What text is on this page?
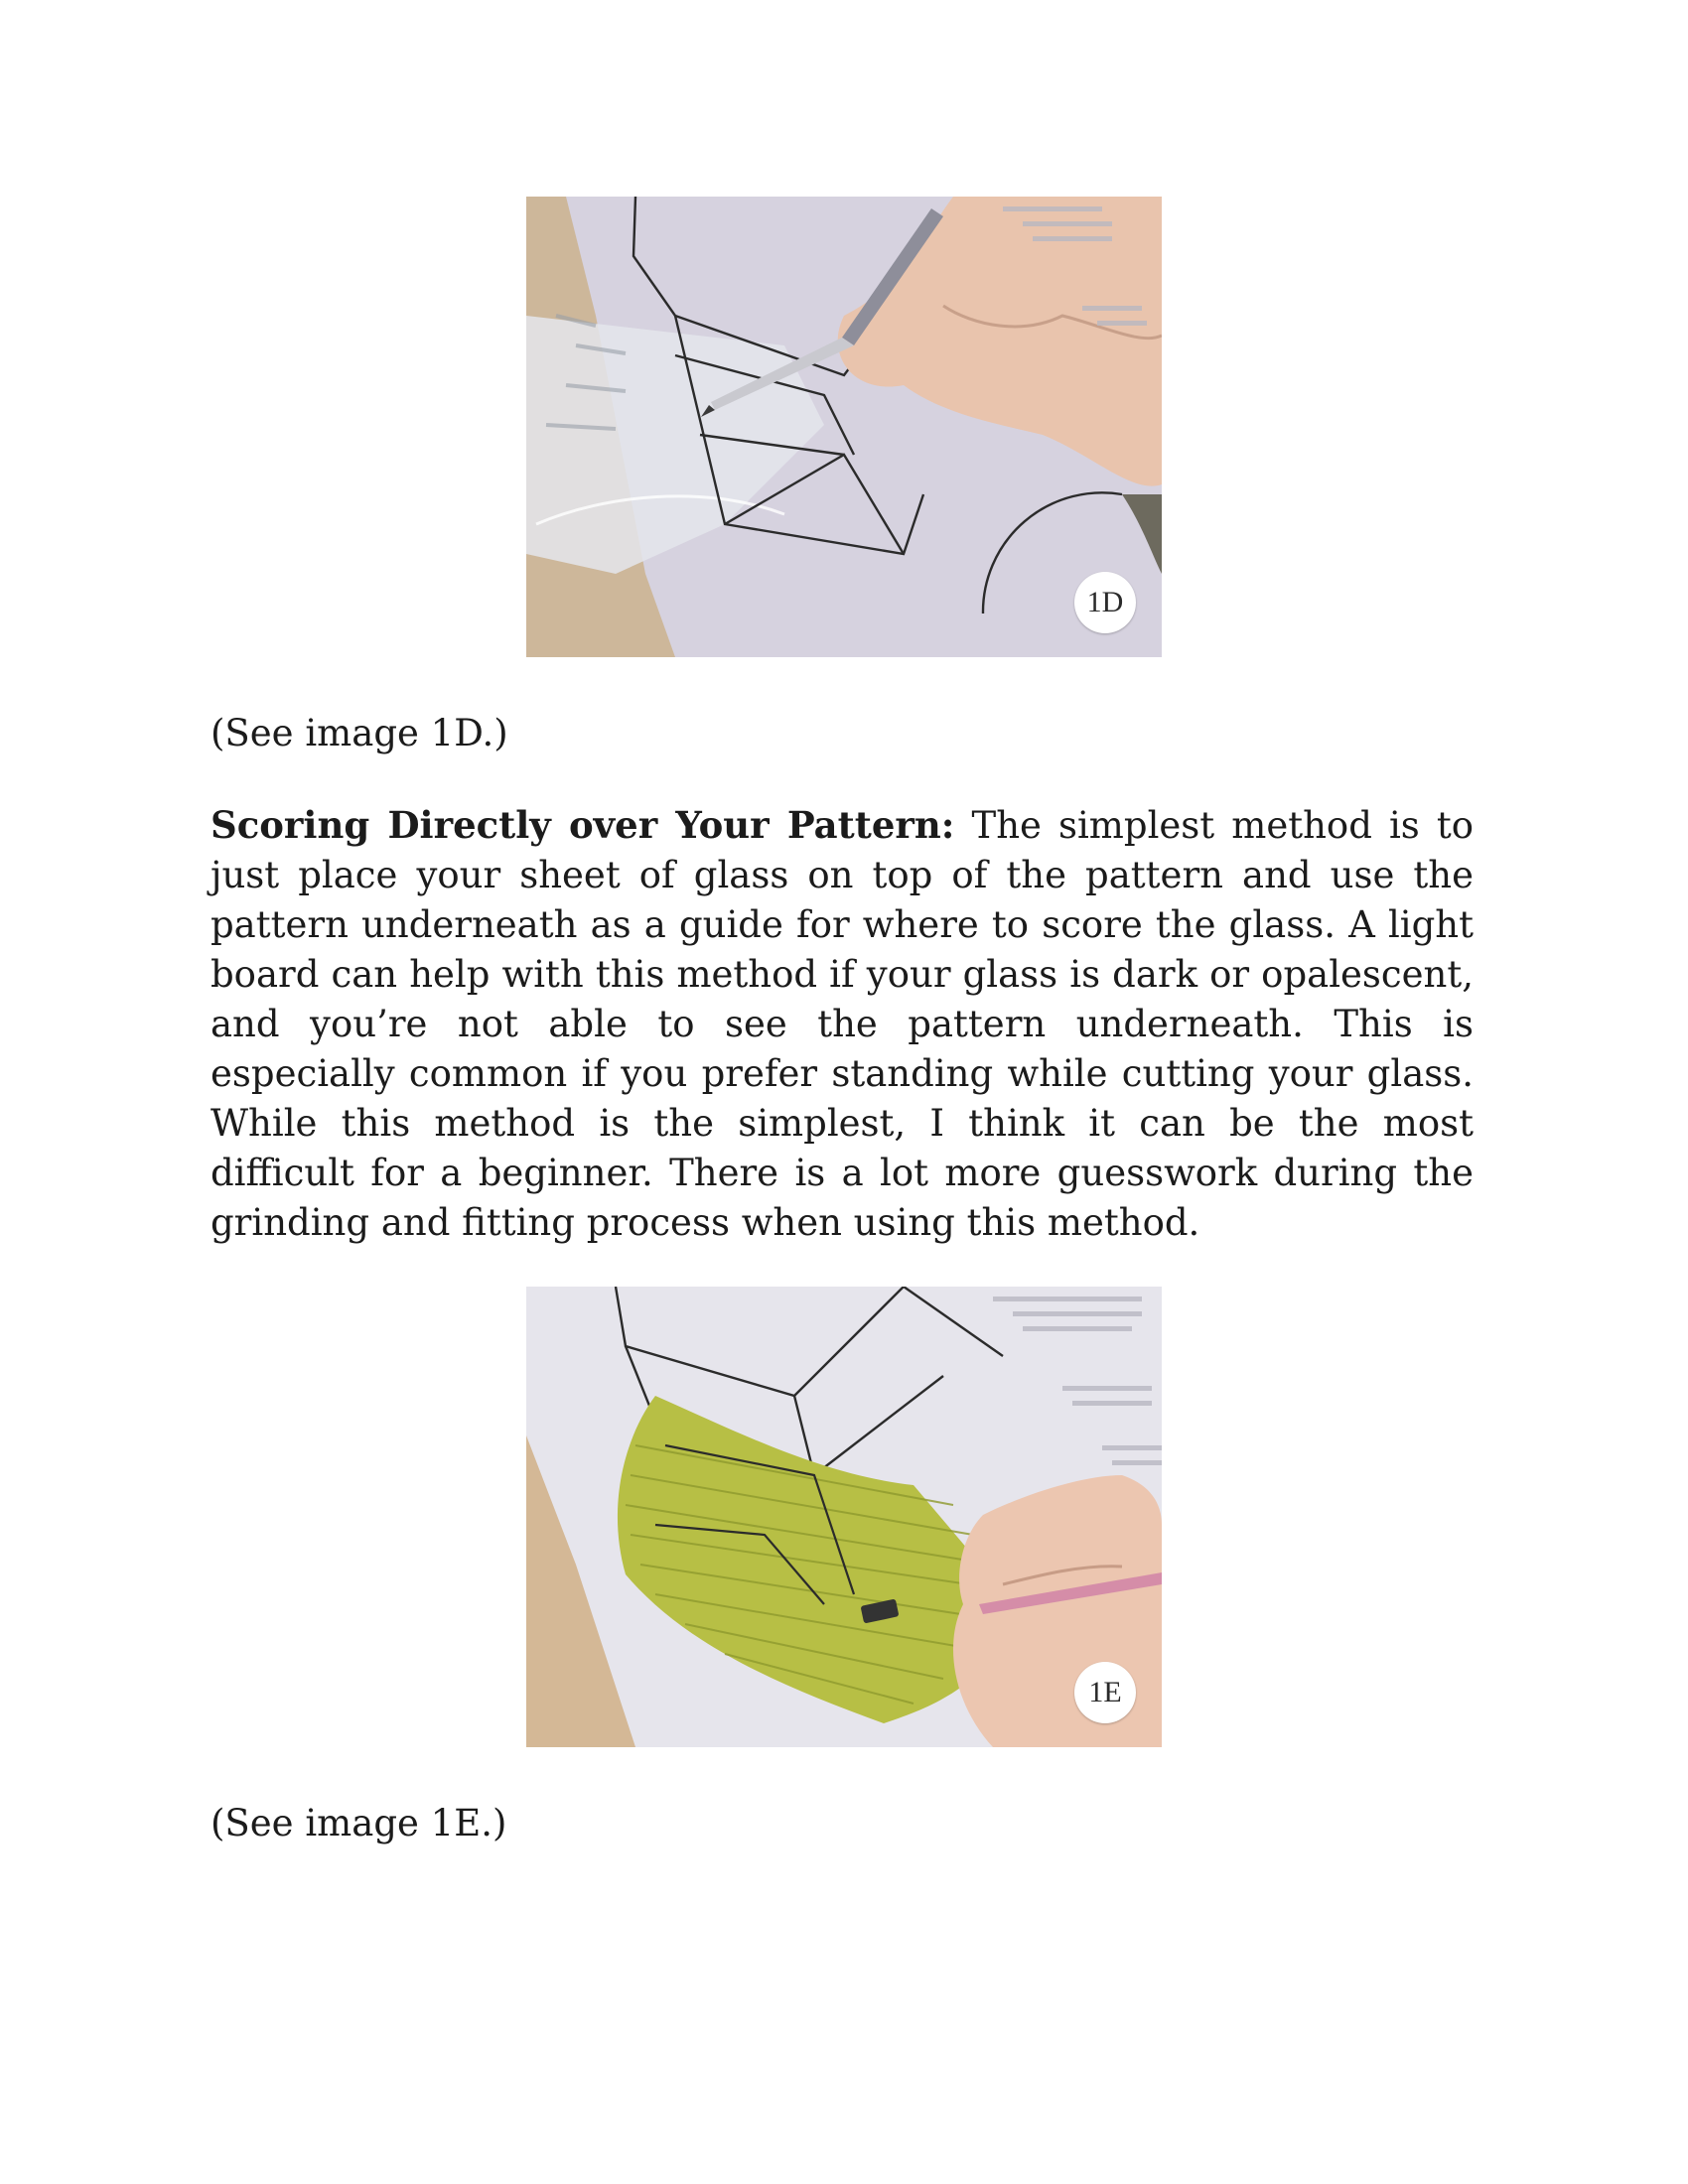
1D

(See image 1D.)

Scoring Directly over Your Pattern: The simplest method is to just place your sheet of glass on top of the pattern and use the pattern underneath as a guide for where to score the glass. A light board can help with this method if your glass is dark or opalescent, and you’re not able to see the pattern underneath. This is especially common if you prefer standing while cutting your glass. While this method is the simplest, I think it can be the most difficult for a beginner. There is a lot more guesswork during the grinding and fitting process when using this method.

1E

(See image 1E.)
